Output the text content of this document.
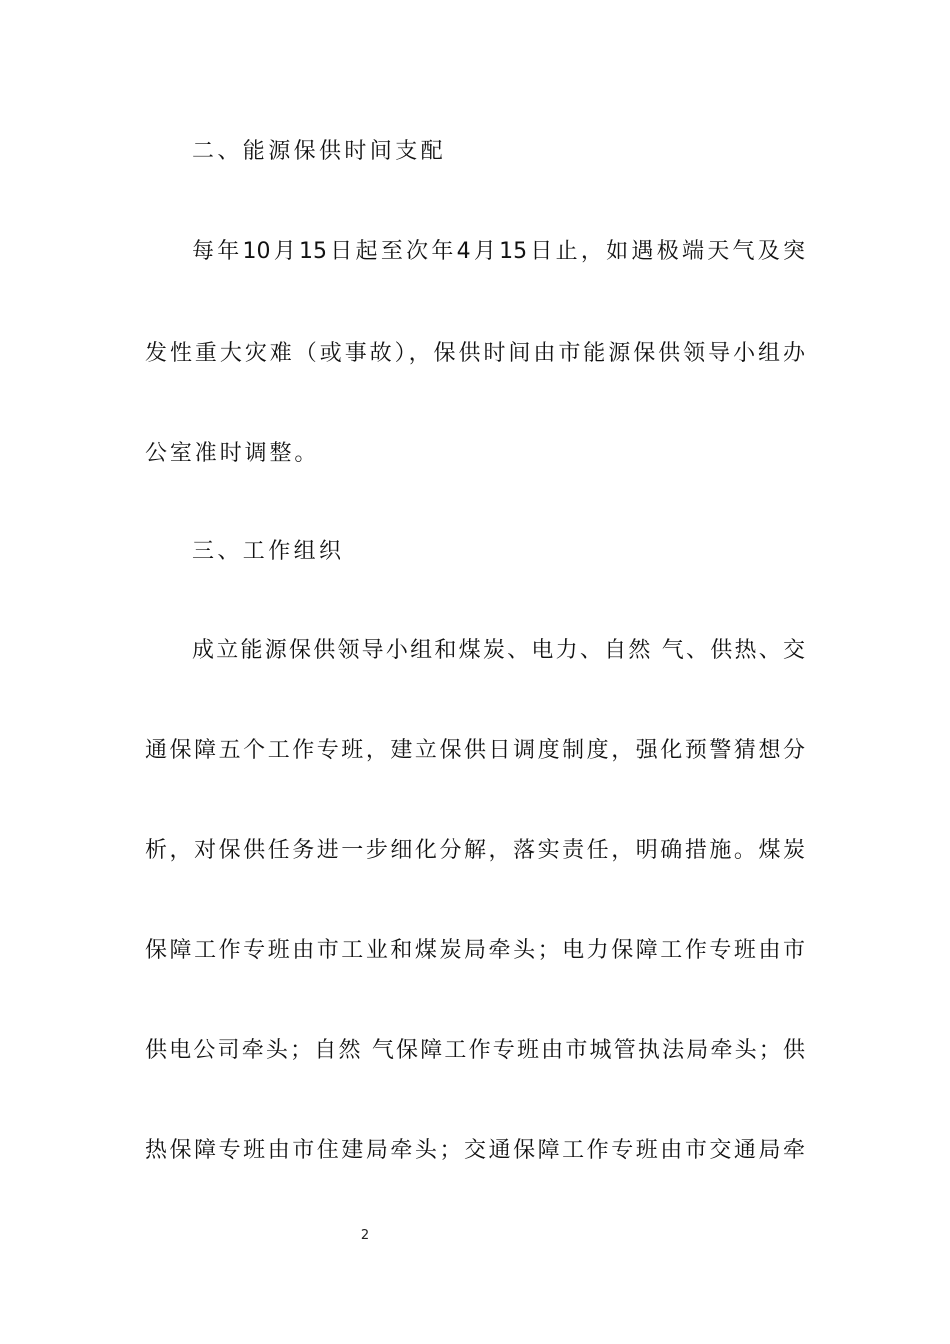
二、能源保供时间支配
每年10月15日起至次年4月15日止，如遇极端天气及突
发性重大灾难（或事故），保供时间由市能源保供领导小组办
公室准时调整。
三、工作组织
成立能源保供领导小组和煤炭、电力、自然 气、供热、交
通保障五个工作专班，建立保供日调度制度，强化预警猜想分
析，对保供任务进一步细化分解，落实责任，明确措施。煤炭
保障工作专班由市工业和煤炭局牵头；电力保障工作专班由市
供电公司牵头；自然 气保障工作专班由市城管执法局牵头；供
热保障专班由市住建局牵头；交通保障工作专班由市交通局牵
2
